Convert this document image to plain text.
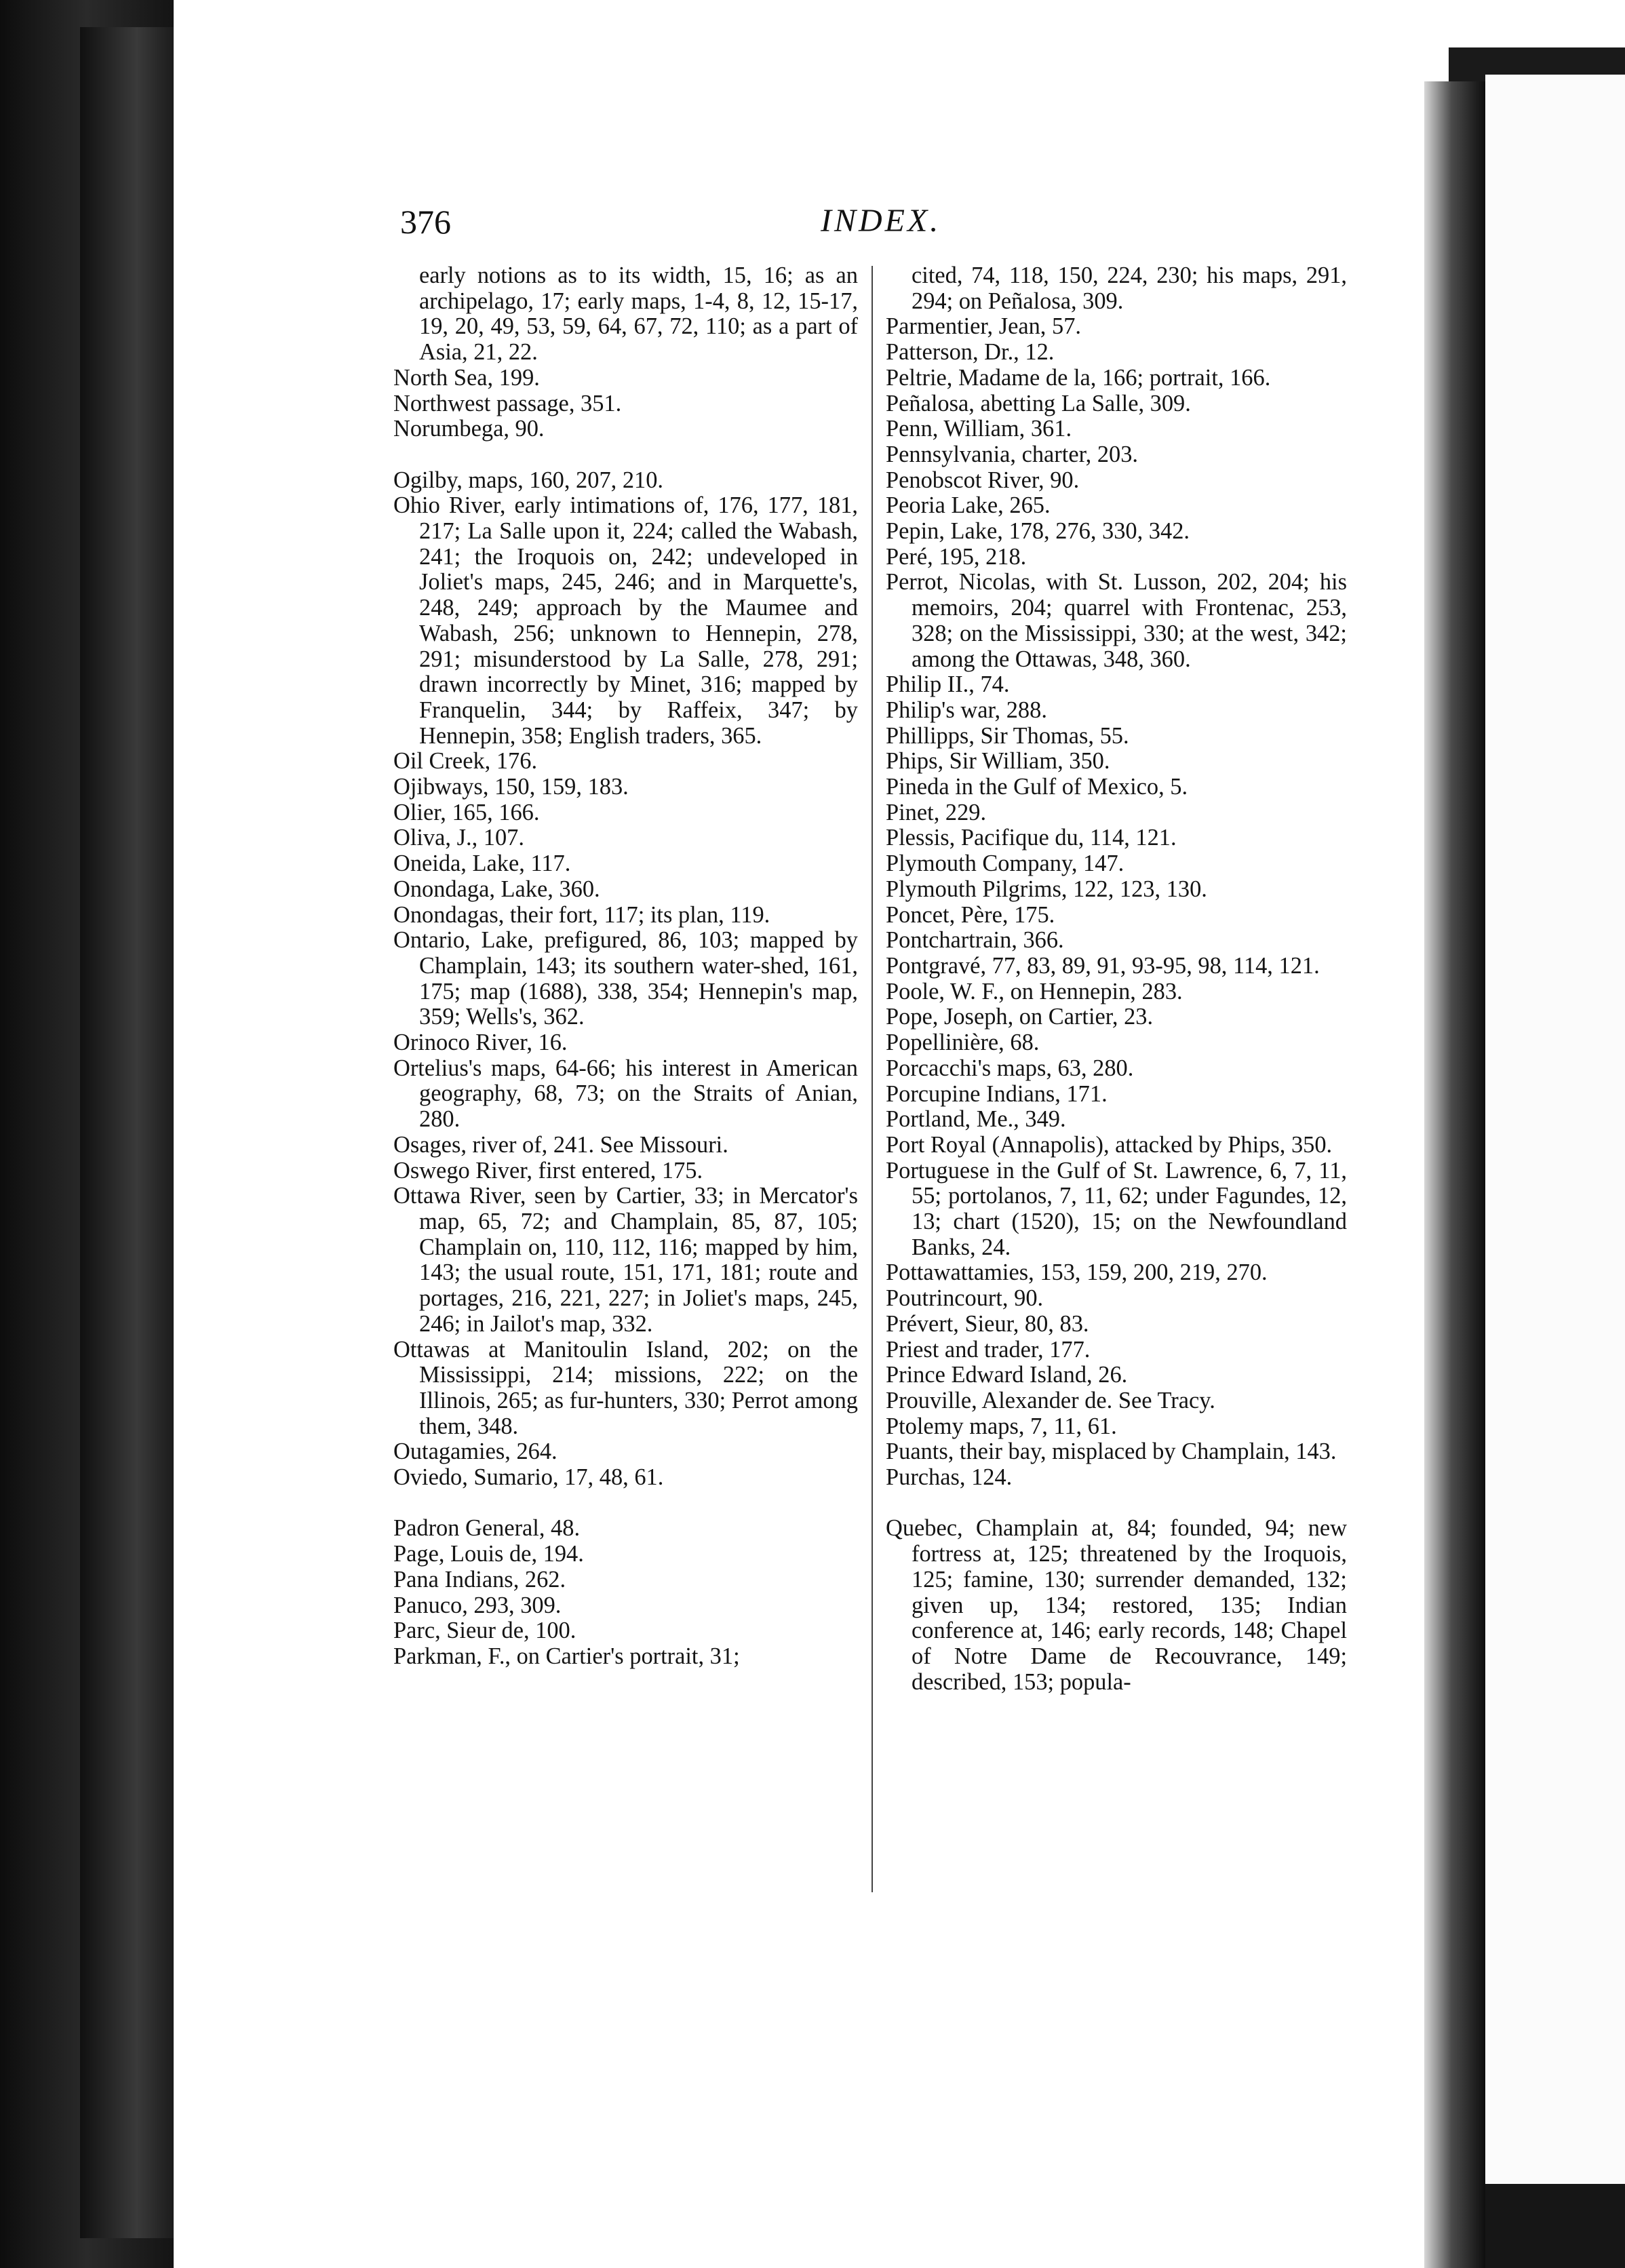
376	INDEX.

early notions as to its width, 15, 16; as an archipelago, 17; early maps, 1-4, 8, 12, 15-17, 19, 20, 49, 53, 59, 64, 67, 72, 110; as a part of Asia, 21, 22.

North Sea, 199.

Northwest passage, 351.

Norumbega, 90.

Ogilby, maps, 160, 207, 210.

Ohio River, early intimations of, 176, 177, 181, 217; La Salle upon it, 224; called the Wabash, 241; the Iroquois on, 242; undeveloped in Joliet's maps, 245, 246; and in Marquette's, 248, 249; approach by the Maumee and Wabash, 256; unknown to Hennepin, 278, 291; misunderstood by La Salle, 278, 291; drawn incorrectly by Minet, 316; mapped by Franquelin, 344; by Raffeix, 347; by Hennepin, 358; English traders, 365.

Oil Creek, 176.

Ojibways, 150, 159, 183.

Olier, 165, 166.

Oliva, J., 107.

Oneida, Lake, 117.

Onondaga, Lake, 360.

Onondagas, their fort, 117; its plan, 119.

Ontario, Lake, prefigured, 86, 103; mapped by Champlain, 143; its southern water-shed, 161, 175; map (1688), 338, 354; Hennepin's map, 359; Wells's, 362.

Orinoco River, 16.

Ortelius's maps, 64-66; his interest in American geography, 68, 73; on the Straits of Anian, 280.

Osages, river of, 241. See Missouri.

Oswego River, first entered, 175.

Ottawa River, seen by Cartier, 33; in Mercator's map, 65, 72; and Champlain, 85, 87, 105; Champlain on, 110, 112, 116; mapped by him, 143; the usual route, 151, 171, 181; route and portages, 216, 221, 227; in Joliet's maps, 245, 246; in Jailot's map, 332.

Ottawas at Manitoulin Island, 202; on the Mississippi, 214; missions, 222; on the Illinois, 265; as fur-hunters, 330; Perrot among them, 348.

Outagamies, 264.

Oviedo, Sumario, 17, 48, 61.

Padron General, 48.

Page, Louis de, 194.

Pana Indians, 262.

Panuco, 293, 309.

Parc, Sieur de, 100.

Parkman, F., on Cartier's portrait, 31;

cited, 74, 118, 150, 224, 230; his maps, 291, 294; on Peñalosa, 309.

Parmentier, Jean, 57.

Patterson, Dr., 12.

Peltrie, Madame de la, 166; portrait, 166.

Peñalosa, abetting La Salle, 309.

Penn, William, 361.

Pennsylvania, charter, 203.

Penobscot River, 90.

Peoria Lake, 265.

Pepin, Lake, 178, 276, 330, 342.

Peré, 195, 218.

Perrot, Nicolas, with St. Lusson, 202, 204; his memoirs, 204; quarrel with Frontenac, 253, 328; on the Mississippi, 330; at the west, 342; among the Ottawas, 348, 360.

Philip II., 74.

Philip's war, 288.

Phillipps, Sir Thomas, 55.

Phips, Sir William, 350.

Pineda in the Gulf of Mexico, 5.

Pinet, 229.

Plessis, Pacifique du, 114, 121.

Plymouth Company, 147.

Plymouth Pilgrims, 122, 123, 130.

Poncet, Père, 175.

Pontchartrain, 366.

Pontgravé, 77, 83, 89, 91, 93-95, 98, 114, 121.

Poole, W. F., on Hennepin, 283.

Pope, Joseph, on Cartier, 23.

Popellinière, 68.

Porcacchi's maps, 63, 280.

Porcupine Indians, 171.

Portland, Me., 349.

Port Royal (Annapolis), attacked by Phips, 350.

Portuguese in the Gulf of St. Lawrence, 6, 7, 11, 55; portolanos, 7, 11, 62; under Fagundes, 12, 13; chart (1520), 15; on the Newfoundland Banks, 24.

Pottawattamies, 153, 159, 200, 219, 270.

Poutrincourt, 90.

Prévert, Sieur, 80, 83.

Priest and trader, 177.

Prince Edward Island, 26.

Prouville, Alexander de. See Tracy.

Ptolemy maps, 7, 11, 61.

Puants, their bay, misplaced by Champlain, 143.

Purchas, 124.

Quebec, Champlain at, 84; founded, 94; new fortress at, 125; threatened by the Iroquois, 125; famine, 130; surrender demanded, 132; given up, 134; restored, 135; Indian conference at, 146; early records, 148; Chapel of Notre Dame de Recouvrance, 149; described, 153; popula-
